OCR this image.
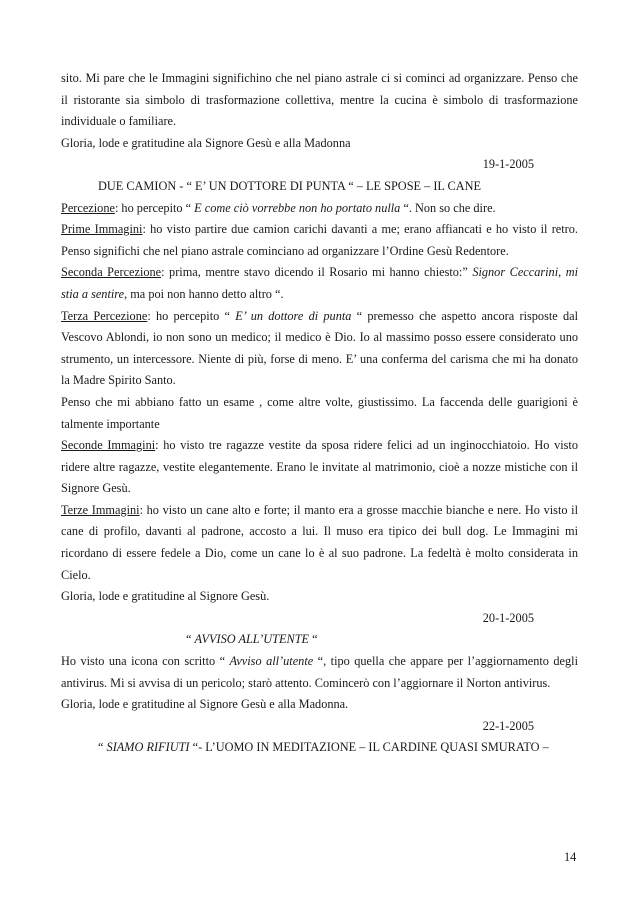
sito. Mi pare che le Immagini significhino che nel piano astrale ci si cominci ad organizzare. Penso che il ristorante sia simbolo di trasformazione collettiva, mentre la cucina è simbolo di trasformazione individuale o familiare.

Gloria, lode e gratitudine ala Signore Gesù e alla Madonna

19-1-2005

DUE CAMION - “ E’ UN DOTTORE DI PUNTA “ – LE SPOSE – IL CANE

Percezione: ho percepito “ E come ciò vorrebbe non ho portato nulla “. Non so che dire.

Prime Immagini: ho visto partire due camion carichi davanti a me; erano affiancati e ho visto il retro. Penso significhi che nel piano astrale cominciano ad organizzare l’Ordine Gesù Redentore.

Seconda Percezione: prima, mentre stavo dicendo il Rosario mi hanno chiesto:” Signor Ceccarini, mi stia a sentire, ma poi non hanno detto altro “.

Terza Percezione: ho percepito “ E’ un dottore di punta “ premesso che aspetto ancora risposte dal Vescovo Ablondi, io non sono un medico; il medico è Dio. Io al massimo posso essere considerato uno strumento, un intercessore. Niente di più, forse di meno. E’ una conferma del carisma che mi ha donato la Madre Spirito Santo.

Penso che mi abbiano fatto un esame , come altre volte, giustissimo. La faccenda delle guarigioni è talmente importante

Seconde Immagini: ho visto tre ragazze vestite da sposa ridere felici ad un inginocchiatoio. Ho visto ridere altre ragazze, vestite elegantemente. Erano le invitate al matrimonio, cioè a nozze mistiche con il Signore Gesù.

Terze Immagini: ho visto un cane alto e forte; il manto era a grosse macchie bianche e nere. Ho visto il cane di profilo, davanti al padrone, accosto a lui. Il muso era tipico dei bull dog. Le Immagini mi ricordano di essere fedele a Dio, come un cane lo è al suo padrone. La fedeltà è molto considerata in Cielo.

Gloria, lode e gratitudine al Signore Gesù.

20-1-2005

“ AVVISO ALL’UTENTE “

Ho visto una icona con scritto “ Avviso all’utente “, tipo quella che appare per l’aggiornamento degli antivirus. Mi si avvisa di un pericolo; starò attento. Comincerò con l’aggiornare il Norton antivirus.

Gloria, lode e gratitudine al Signore Gesù e alla Madonna.

22-1-2005

“ SIAMO RIFIUTI “- L’UOMO IN MEDITAZIONE – IL CARDINE QUASI SMURATO –

14
